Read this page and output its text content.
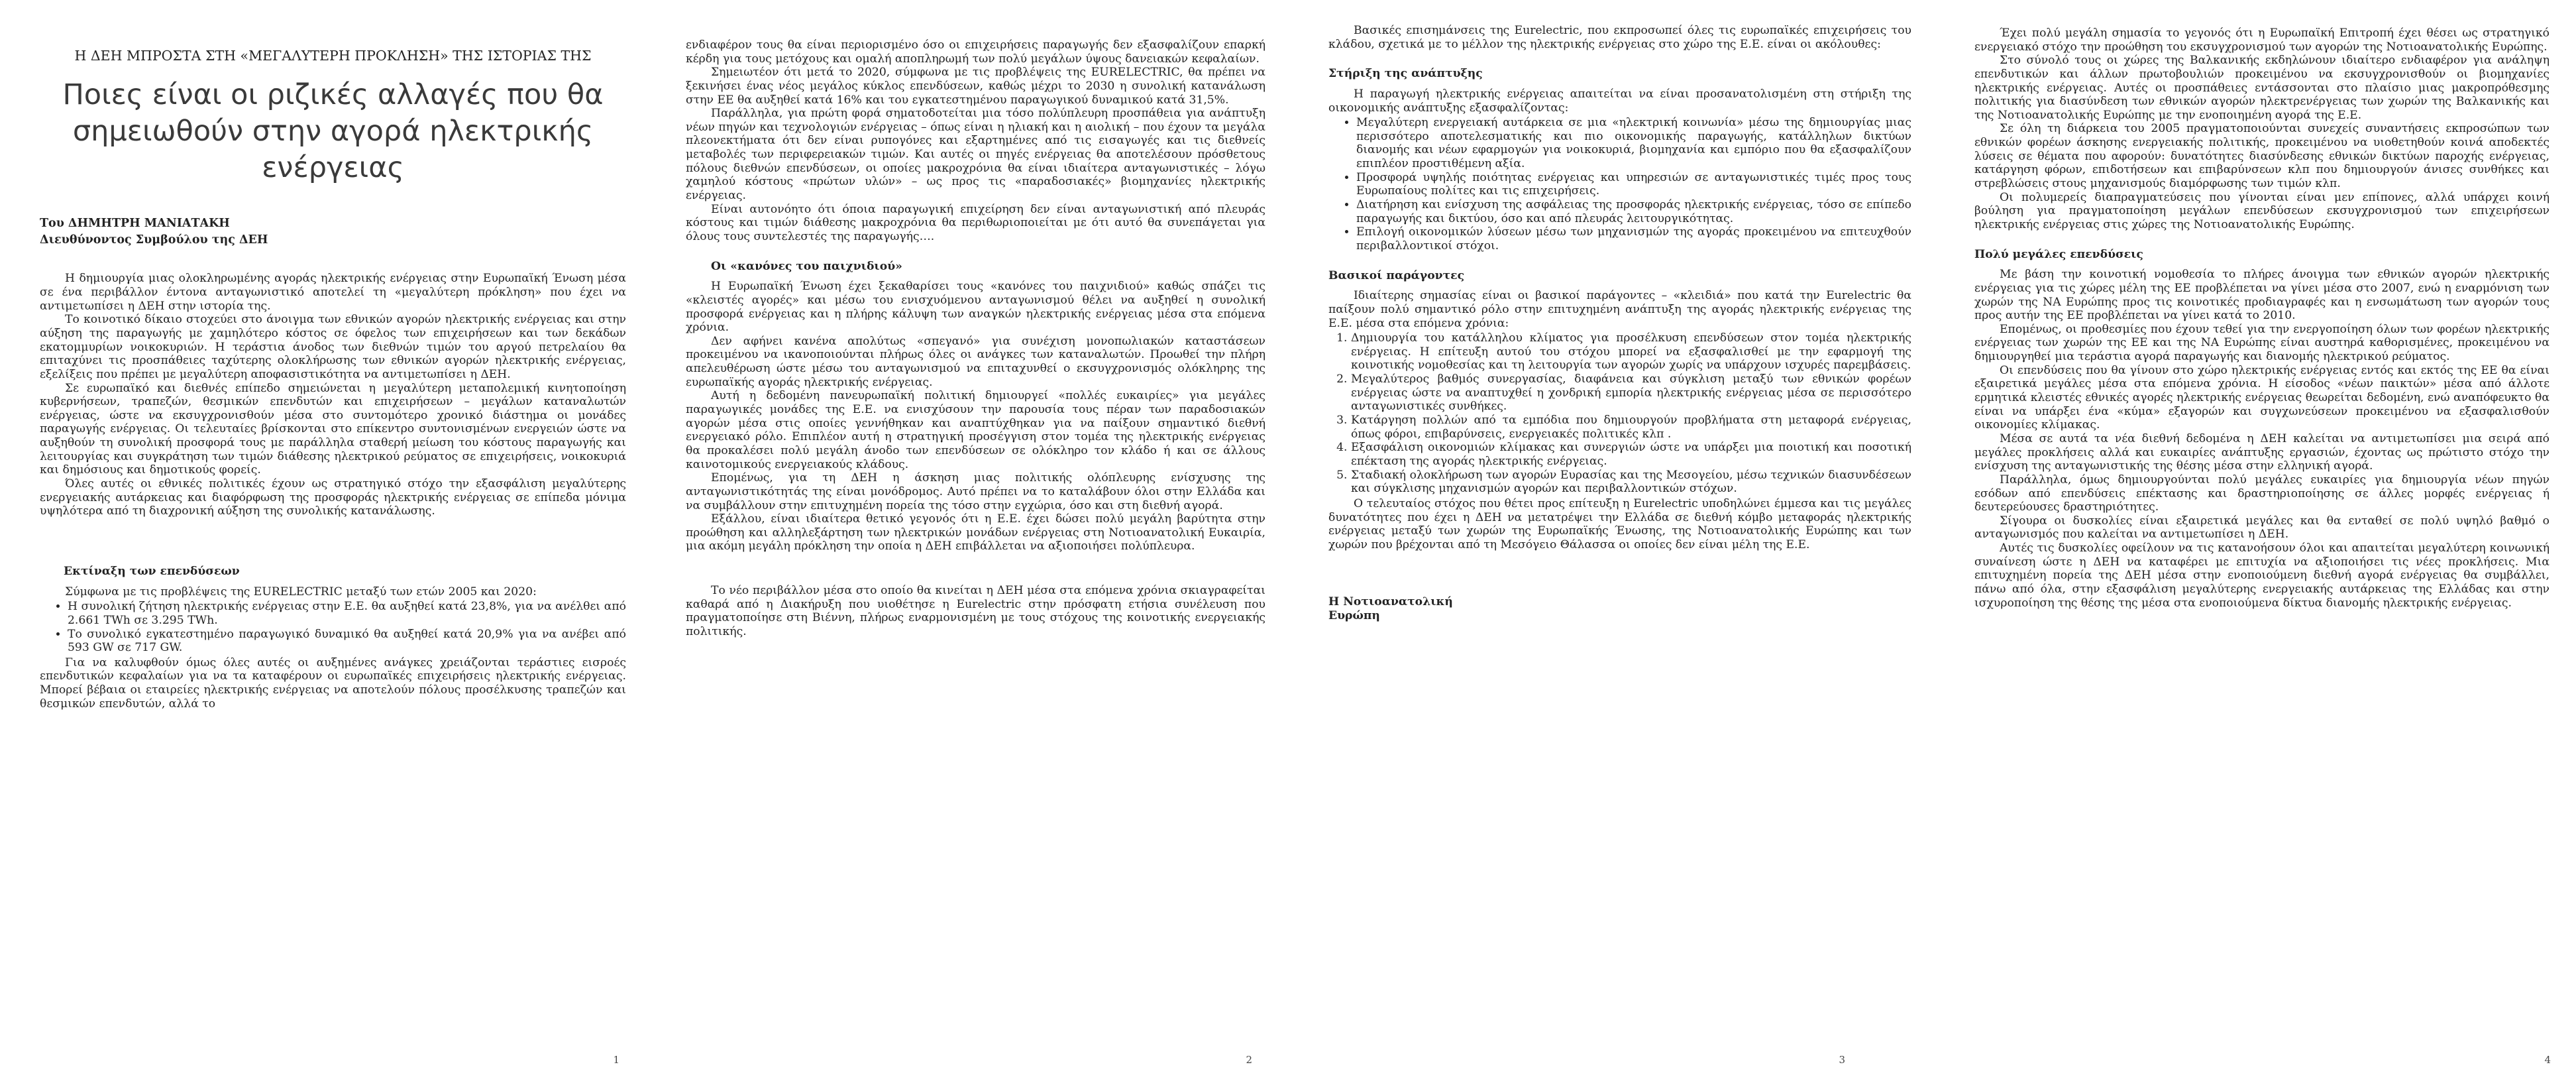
Η ΔΕΗ ΜΠΡΟΣΤΑ ΣΤΗ «ΜΕΓΑΛΥΤΕΡΗ ΠΡΟΚΛΗΣΗ» ΤΗΣ ΙΣΤΟΡΙΑΣ ΤΗΣ
Ποιες είναι οι ριζικές αλλαγές που θα σημειωθούν στην αγορά ηλεκτρικής ενέργειας
Του ΔΗΜΗΤΡΗ ΜΑΝΙΑΤΑΚΗ
Διευθύνοντος Συμβούλου της ΔΕΗ

Η δημιουργία μιας ολοκληρωμένης αγοράς ηλεκτρικής ενέργειας στην Ευρωπαϊκή Ένωση μέσα σε ένα περιβάλλον έντονα ανταγωνιστικό αποτελεί τη «μεγαλύτερη πρόκληση» που έχει να αντιμετωπίσει η ΔΕΗ στην ιστορία της.

Το κοινοτικό δίκαιο στοχεύει στο άνοιγμα των εθνικών αγορών ηλεκτρικής ενέργειας και στην αύξηση της παραγωγής με χαμηλότερο κόστος σε όφελος των επιχειρήσεων και των δεκάδων εκατομμυρίων νοικοκυριών. Η τεράστια άνοδος των διεθνών τιμών του αργού πετρελαίου θα επιταχύνει τις προσπάθειες ταχύτερης ολοκλήρωσης των εθνικών αγορών ηλεκτρικής ενέργειας, εξελίξεις που πρέπει με μεγαλύτερη αποφασιστικότητα να αντιμετωπίσει η ΔΕΗ.

Σε ευρωπαϊκό και διεθνές επίπεδο σημειώνεται η μεγαλύτερη μεταπολεμική κινητοποίηση κυβερνήσεων, τραπεζών, θεσμικών επενδυτών και επιχειρήσεων – μεγάλων καταναλωτών ενέργειας, ώστε να εκσυγχρονισθούν μέσα στο συντομότερο χρονικό διάστημα οι μονάδες παραγωγής ενέργειας. Οι τελευταίες βρίσκονται στο επίκεντρο συντονισμένων ενεργειών ώστε να αυξηθούν τη συνολική προσφορά τους με παράλληλα σταθερή μείωση του κόστους παραγωγής και λειτουργίας και συγκράτηση των τιμών διάθεσης ηλεκτρικού ρεύματος σε επιχειρήσεις, νοικοκυριά και δημόσιους και δημοτικούς φορείς.

Όλες αυτές οι εθνικές πολιτικές έχουν ως στρατηγικό στόχο την εξασφάλιση μεγαλύτερης ενεργειακής αυτάρκειας και διαφόρφωση της προσφοράς ηλεκτρικής ενέργειας σε επίπεδα μόνιμα υψηλότερα από τη διαχρονική αύξηση της συνολικής κατανάλωσης.

Εκτίναξη των επενδύσεων

Σύμφωνα με τις προβλέψεις της EURELECTRIC μεταξύ των ετών 2005 και 2020:

• Η συνολική ζήτηση ηλεκτρικής ενέργειας στην Ε.Ε. θα αυξηθεί κατά 23,8%, για να ανέλθει από 2.661 TWh σε 3.295 TWh.
• Το συνολικό εγκατεστημένο παραγωγικό δυναμικό θα αυξηθεί κατά 20,9% για να ανέβει από 593 GW σε 717 GW.

Για να καλυφθούν όμως όλες αυτές οι αυξημένες ανάγκες χρειάζονται τεράστιες εισροές επενδυτικών κεφαλαίων για να τα καταφέρουν οι ευρωπαϊκές επιχειρήσεις ηλεκτρικής ενέργειας. Μπορεί βέβαια οι εταιρείες ηλεκτρικής ενέργειας να αποτελούν πόλους προσέλκυσης τραπεζών και θεσμικών επενδυτών, αλλά το

1

ενδιαφέρον τους θα είναι περιορισμένο όσο οι επιχειρήσεις παραγωγής δεν εξασφαλίζουν επαρκή κέρδη για τους μετόχους και ομαλή αποπληρωμή των πολύ μεγάλων ύψους δανειακών κεφαλαίων.

Σημειωτέον ότι μετά το 2020, σύμφωνα με τις προβλέψεις της EURELECTRIC, θα πρέπει να ξεκινήσει ένας νέος μεγάλος κύκλος επενδύσεων, καθώς μέχρι το 2030 η συνολική κατανάλωση στην ΕΕ θα αυξηθεί κατά 16% και του εγκατεστημένου παραγωγικού δυναμικού κατά 31,5%.

Παράλληλα, για πρώτη φορά σηματοδοτείται μια τόσο πολύπλευρη προσπάθεια για ανάπτυξη νέων πηγών και τεχνολογιών ενέργειας – όπως είναι η ηλιακή και η αιολική – που έχουν τα μεγάλα πλεονεκτήματα ότι δεν είναι ρυπογόνες και εξαρτημένες από τις εισαγωγές και τις διεθνείς μεταβολές των περιφερειακών τιμών. Και αυτές οι πηγές ενέργειας θα αποτελέσουν πρόσθετους πόλους διεθνών επενδύσεων, οι οποίες μακροχρόνια θα είναι ιδιαίτερα ανταγωνιστικές – λόγω χαμηλού κόστους «πρώτων υλών» – ως προς τις «παραδοσιακές» βιομηχανίες ηλεκτρικής ενέργειας.

Είναι αυτονόητο ότι όποια παραγωγική επιχείρηση δεν είναι ανταγωνιστική από πλευράς κόστους και τιμών διάθεσης μακροχρόνια θα περιθωριοποιείται με ότι αυτό θα συνεπάγεται για όλους τους συντελεστές της παραγωγής….

Οι «κανόνες του παιχνιδιού»

Η Ευρωπαϊκή Ένωση έχει ξεκαθαρίσει τους «κανόνες του παιχνιδιού» καθώς σπάζει τις «κλειστές αγορές» και μέσω του ενισχυόμενου ανταγωνισμού θέλει να αυξηθεί η συνολική προσφορά ενέργειας και η πλήρης κάλυψη των αναγκών ηλεκτρικής ενέργειας μέσα στα επόμενα χρόνια.

Δεν αφήνει κανένα απολύτως «σπεγανό» για συνέχιση μονοπωλιακών καταστάσεων προκειμένου να ικανοποιούνται πλήρως όλες οι ανάγκες των καταναλωτών. Προωθεί την πλήρη απελευθέρωση ώστε μέσω του ανταγωνισμού να επιταχυνθεί ο εκσυγχρονισμός ολόκληρης της ευρωπαϊκής αγοράς ηλεκτρικής ενέργειας.

Αυτή η δεδομένη πανευρωπαϊκή πολιτική δημιουργεί «πολλές ευκαιρίες» για μεγάλες παραγωγικές μονάδες της Ε.Ε. να ενισχύσουν την παρουσία τους πέραν των παραδοσιακών αγορών μέσα στις οποίες γεννήθηκαν και αναπτύχθηκαν για να παίξουν σημαντικό διεθνή ενεργειακό ρόλο. Επιπλέον αυτή η στρατηγική προσέγγιση στον τομέα της ηλεκτρικής ενέργειας θα προκαλέσει πολύ μεγάλη άνοδο των επενδύσεων σε ολόκληρο τον κλάδο ή και σε άλλους καινοτομικούς ενεργειακούς κλάδους.

Επομένως, για τη ΔΕΗ η άσκηση μιας πολιτικής ολόπλευρης ενίσχυσης της ανταγωνιστικότητάς της είναι μονόδρομος. Αυτό πρέπει να το καταλάβουν όλοι στην Ελλάδα και να συμβάλλουν στην επιτυχημένη πορεία της τόσο στην εγχώρια, όσο και στη διεθνή αγορά.

Εξάλλου, είναι ιδιαίτερα θετικό γεγονός ότι η Ε.Ε. έχει δώσει πολύ μεγάλη βαρύτητα στην προώθηση και αλληλεξάρτηση των ηλεκτρικών μονάδων ενέργειας στη Νοτιοανατολική Ευκαιρία, μια ακόμη μεγάλη πρόκληση την οποία η ΔΕΗ επιβάλλεται να αξιοποιήσει πολύπλευρα.

Το νέο περιβάλλον μέσα στο οποίο θα κινείται η ΔΕΗ μέσα στα επόμενα χρόνια σκιαγραφείται καθαρά από η Διακήρυξη που υιοθέτησε η Eurelectric στην πρόσφατη ετήσια συνέλευση που πραγματοποίησε στη Βιέννη, πλήρως εναρμονισμένη με τους στόχους της κοινοτικής ενεργειακής πολιτικής.

2

Βασικές επισημάνσεις της Eurelectric, που εκπροσωπεί όλες τις ευρωπαϊκές επιχειρήσεις του κλάδου, σχετικά με το μέλλον της ηλεκτρικής ενέργειας στο χώρο της Ε.Ε. είναι οι ακόλουθες:

Στήριξη της ανάπτυξης

Η παραγωγή ηλεκτρικής ενέργειας απαιτείται να είναι προσανατολισμένη στη στήριξη της οικονομικής ανάπτυξης εξασφαλίζοντας:

• Μεγαλύτερη ενεργειακή αυτάρκεια σε μια «ηλεκτρική κοινωνία» μέσω της δημιουργίας μιας περισσότερο αποτελεσματικής και πιο οικονομικής παραγωγής, κατάλληλων δικτύων διανομής και νέων εφαρμογών για νοικοκυριά, βιομηχανία και εμπόριο που θα εξασφαλίζουν επιπλέον προστιθέμενη αξία.
• Προσφορά υψηλής ποιότητας ενέργειας και υπηρεσιών σε ανταγωνιστικές τιμές προς τους Ευρωπαίους πολίτες και τις επιχειρήσεις.
• Διατήρηση και ενίσχυση της ασφάλειας της προσφοράς ηλεκτρικής ενέργειας, τόσο σε επίπεδο παραγωγής και δικτύου, όσο και από πλευράς λειτουργικότητας.
• Επιλογή οικονομικών λύσεων μέσω των μηχανισμών της αγοράς προκειμένου να επιτευχθούν περιβαλλοντικοί στόχοι.
Βασικοί παράγοντες

Ιδιαίτερης σημασίας είναι οι βασικοί παράγοντες – «κλειδιά» που κατά την Eurelectric θα παίξουν πολύ σημαντικό ρόλο στην επιτυχημένη ανάπτυξη της αγοράς ηλεκτρικής ενέργειας της Ε.Ε. μέσα στα επόμενα χρόνια:

1. Δημιουργία του κατάλληλου κλίματος για προσέλκυση επενδύσεων στον τομέα ηλεκτρικής ενέργειας. Η επίτευξη αυτού του στόχου μπορεί να εξασφαλισθεί με την εφαρμογή της κοινοτικής νομοθεσίας και τη λειτουργία των αγορών χωρίς να υπάρχουν ισχυρές παρεμβάσεις.
2. Μεγαλύτερος βαθμός συνεργασίας, διαφάνεια και σύγκλιση μεταξύ των εθνικών φορέων ενέργειας ώστε να αναπτυχθεί η χονδρική εμπορία ηλεκτρικής ενέργειας μέσα σε περισσότερο ανταγωνιστικές συνθήκες.
3. Κατάργηση πολλών από τα εμπόδια που δημιουργούν προβλήματα στη μεταφορά ενέργειας, όπως φόροι, επιβαρύνσεις, ενεργειακές πολιτικές κλπ .
4. Εξασφάλιση οικονομιών κλίμακας και συνεργιών ώστε να υπάρξει μια ποιοτική και ποσοτική επέκταση της αγοράς ηλεκτρικής ενέργειας.
5. Σταδιακή ολοκλήρωση των αγορών Ευρασίας και της Μεσογείου, μέσω τεχνικών διασυνδέσεων και σύγκλισης μηχανισμών αγορών και περιβαλλοντικών στόχων.

Ο τελευταίος στόχος που θέτει προς επίτευξη η Eurelectric υποδηλώνει έμμεσα και τις μεγάλες δυνατότητες που έχει η ΔΕΗ να μετατρέψει την Ελλάδα σε διεθνή κόμβο μεταφοράς ηλεκτρικής ενέργειας μεταξύ των χωρών της Ευρωπαϊκής Ένωσης, της Νοτιοανατολικής Ευρώπης και των χωρών που βρέχονται από τη Μεσόγειο Θάλασσα οι οποίες δεν είναι μέλη της Ε.Ε.

Η Νοτιοανατολική
Ευρώπη
3

Έχει πολύ μεγάλη σημασία το γεγονός ότι η Ευρωπαϊκή Επιτροπή έχει θέσει ως στρατηγικό ενεργειακό στόχο την προώθηση του εκσυγχρονισμού των αγορών της Νοτιοανατολικής Ευρώπης.

Στο σύνολό τους οι χώρες της Βαλκανικής εκδηλώνουν ιδιαίτερο ενδιαφέρον για ανάληψη επενδυτικών και άλλων πρωτοβουλιών προκειμένου να εκσυγχρονισθούν οι βιομηχανίες ηλεκτρικής ενέργειας. Αυτές οι προσπάθειες εντάσσονται στο πλαίσιο μιας μακροπρόθεσμης πολιτικής για διασύνδεση των εθνικών αγορών ηλεκτρενέργειας των χωρών της Βαλκανικής και της Νοτιοανατολικής Ευρώπης με την ενοποιημένη αγορά της Ε.Ε.

Σε όλη τη διάρκεια του 2005 πραγματοποιούνται συνεχείς συναντήσεις εκπροσώπων των εθνικών φορέων άσκησης ενεργειακής πολιτικής, προκειμένου να υιοθετηθούν κοινά αποδεκτές λύσεις σε θέματα που αφορούν: δυνατότητες διασύνδεσης εθνικών δικτύων παροχής ενέργειας, κατάργηση φόρων, επιδοτήσεων και επιβαρύνσεων κλπ που δημιουργούν άνισες συνθήκες και στρεβλώσεις στους μηχανισμούς διαμόρφωσης των τιμών κλπ.

Οι πολυμερείς διαπραγματεύσεις που γίνονται είναι μεν επίπονες, αλλά υπάρχει κοινή βούληση για πραγματοποίηση μεγάλων επενδύσεων εκσυγχρονισμού των επιχειρήσεων ηλεκτρικής ενέργειας στις χώρες της Νοτιοανατολικής Ευρώπης.

Πολύ μεγάλες επενδύσεις

Με βάση την κοινοτική νομοθεσία το πλήρες άνοιγμα των εθνικών αγορών ηλεκτρικής ενέργειας για τις χώρες μέλη της ΕΕ προβλέπεται να γίνει μέσα στο 2007, ενώ η εναρμόνιση των χωρών της ΝΑ Ευρώπης προς τις κοινοτικές προδιαγραφές και η ενσωμάτωση των αγορών τους προς αυτήν της ΕΕ προβλέπεται να γίνει κατά το 2010.

Επομένως, οι προθεσμίες που έχουν τεθεί για την ενεργοποίηση όλων των φορέων ηλεκτρικής ενέργειας των χωρών της ΕΕ και της ΝΑ Ευρώπης είναι αυστηρά καθορισμένες, προκειμένου να δημιουργηθεί μια τεράστια αγορά παραγωγής και διανομής ηλεκτρικού ρεύματος.

Οι επενδύσεις που θα γίνουν στο χώρο ηλεκτρικής ενέργειας εντός και εκτός της ΕΕ θα είναι εξαιρετικά μεγάλες μέσα στα επόμενα χρόνια. Η είσοδος «νέων παικτών» μέσα από άλλοτε ερμητικά κλειστές εθνικές αγορές ηλεκτρικής ενέργειας θεωρείται δεδομένη, ενώ αναπόφευκτο θα είναι να υπάρξει ένα «κύμα» εξαγορών και συγχωνεύσεων προκειμένου να εξασφαλισθούν οικονομίες κλίμακας.

Μέσα σε αυτά τα νέα διεθνή δεδομένα η ΔΕΗ καλείται να αντιμετωπίσει μια σειρά από μεγάλες προκλήσεις αλλά και ευκαιρίες ανάπτυξης εργασιών, έχοντας ως πρώτιστο στόχο την ενίσχυση της ανταγωνιστικής της θέσης μέσα στην ελληνική αγορά.

Παράλληλα, όμως δημιουργούνται πολύ μεγάλες ευκαιρίες για δημιουργία νέων πηγών εσόδων από επενδύσεις επέκτασης και δραστηριοποίησης σε άλλες μορφές ενέργειας ή δευτερεύουσες δραστηριότητες.

Σίγουρα οι δυσκολίες είναι εξαιρετικά μεγάλες και θα ενταθεί σε πολύ υψηλό βαθμό ο ανταγωνισμός που καλείται να αντιμετωπίσει η ΔΕΗ.

Αυτές τις δυσκολίες οφείλουν να τις κατανοήσουν όλοι και απαιτείται μεγαλύτερη κοινωνική συναίνεση ώστε η ΔΕΗ να καταφέρει με επιτυχία να αξιοποιήσει τις νέες προκλήσεις. Μια επιτυχημένη πορεία της ΔΕΗ μέσα στην ενοποιούμενη διεθνή αγορά ενέργειας θα συμβάλλει, πάνω από όλα, στην εξασφάλιση μεγαλύτερης ενεργειακής αυτάρκειας της Ελλάδας και στην ισχυροποίηση της θέσης της μέσα στα ενοποιούμενα δίκτυα διανομής ηλεκτρικής ενέργειας.

4
